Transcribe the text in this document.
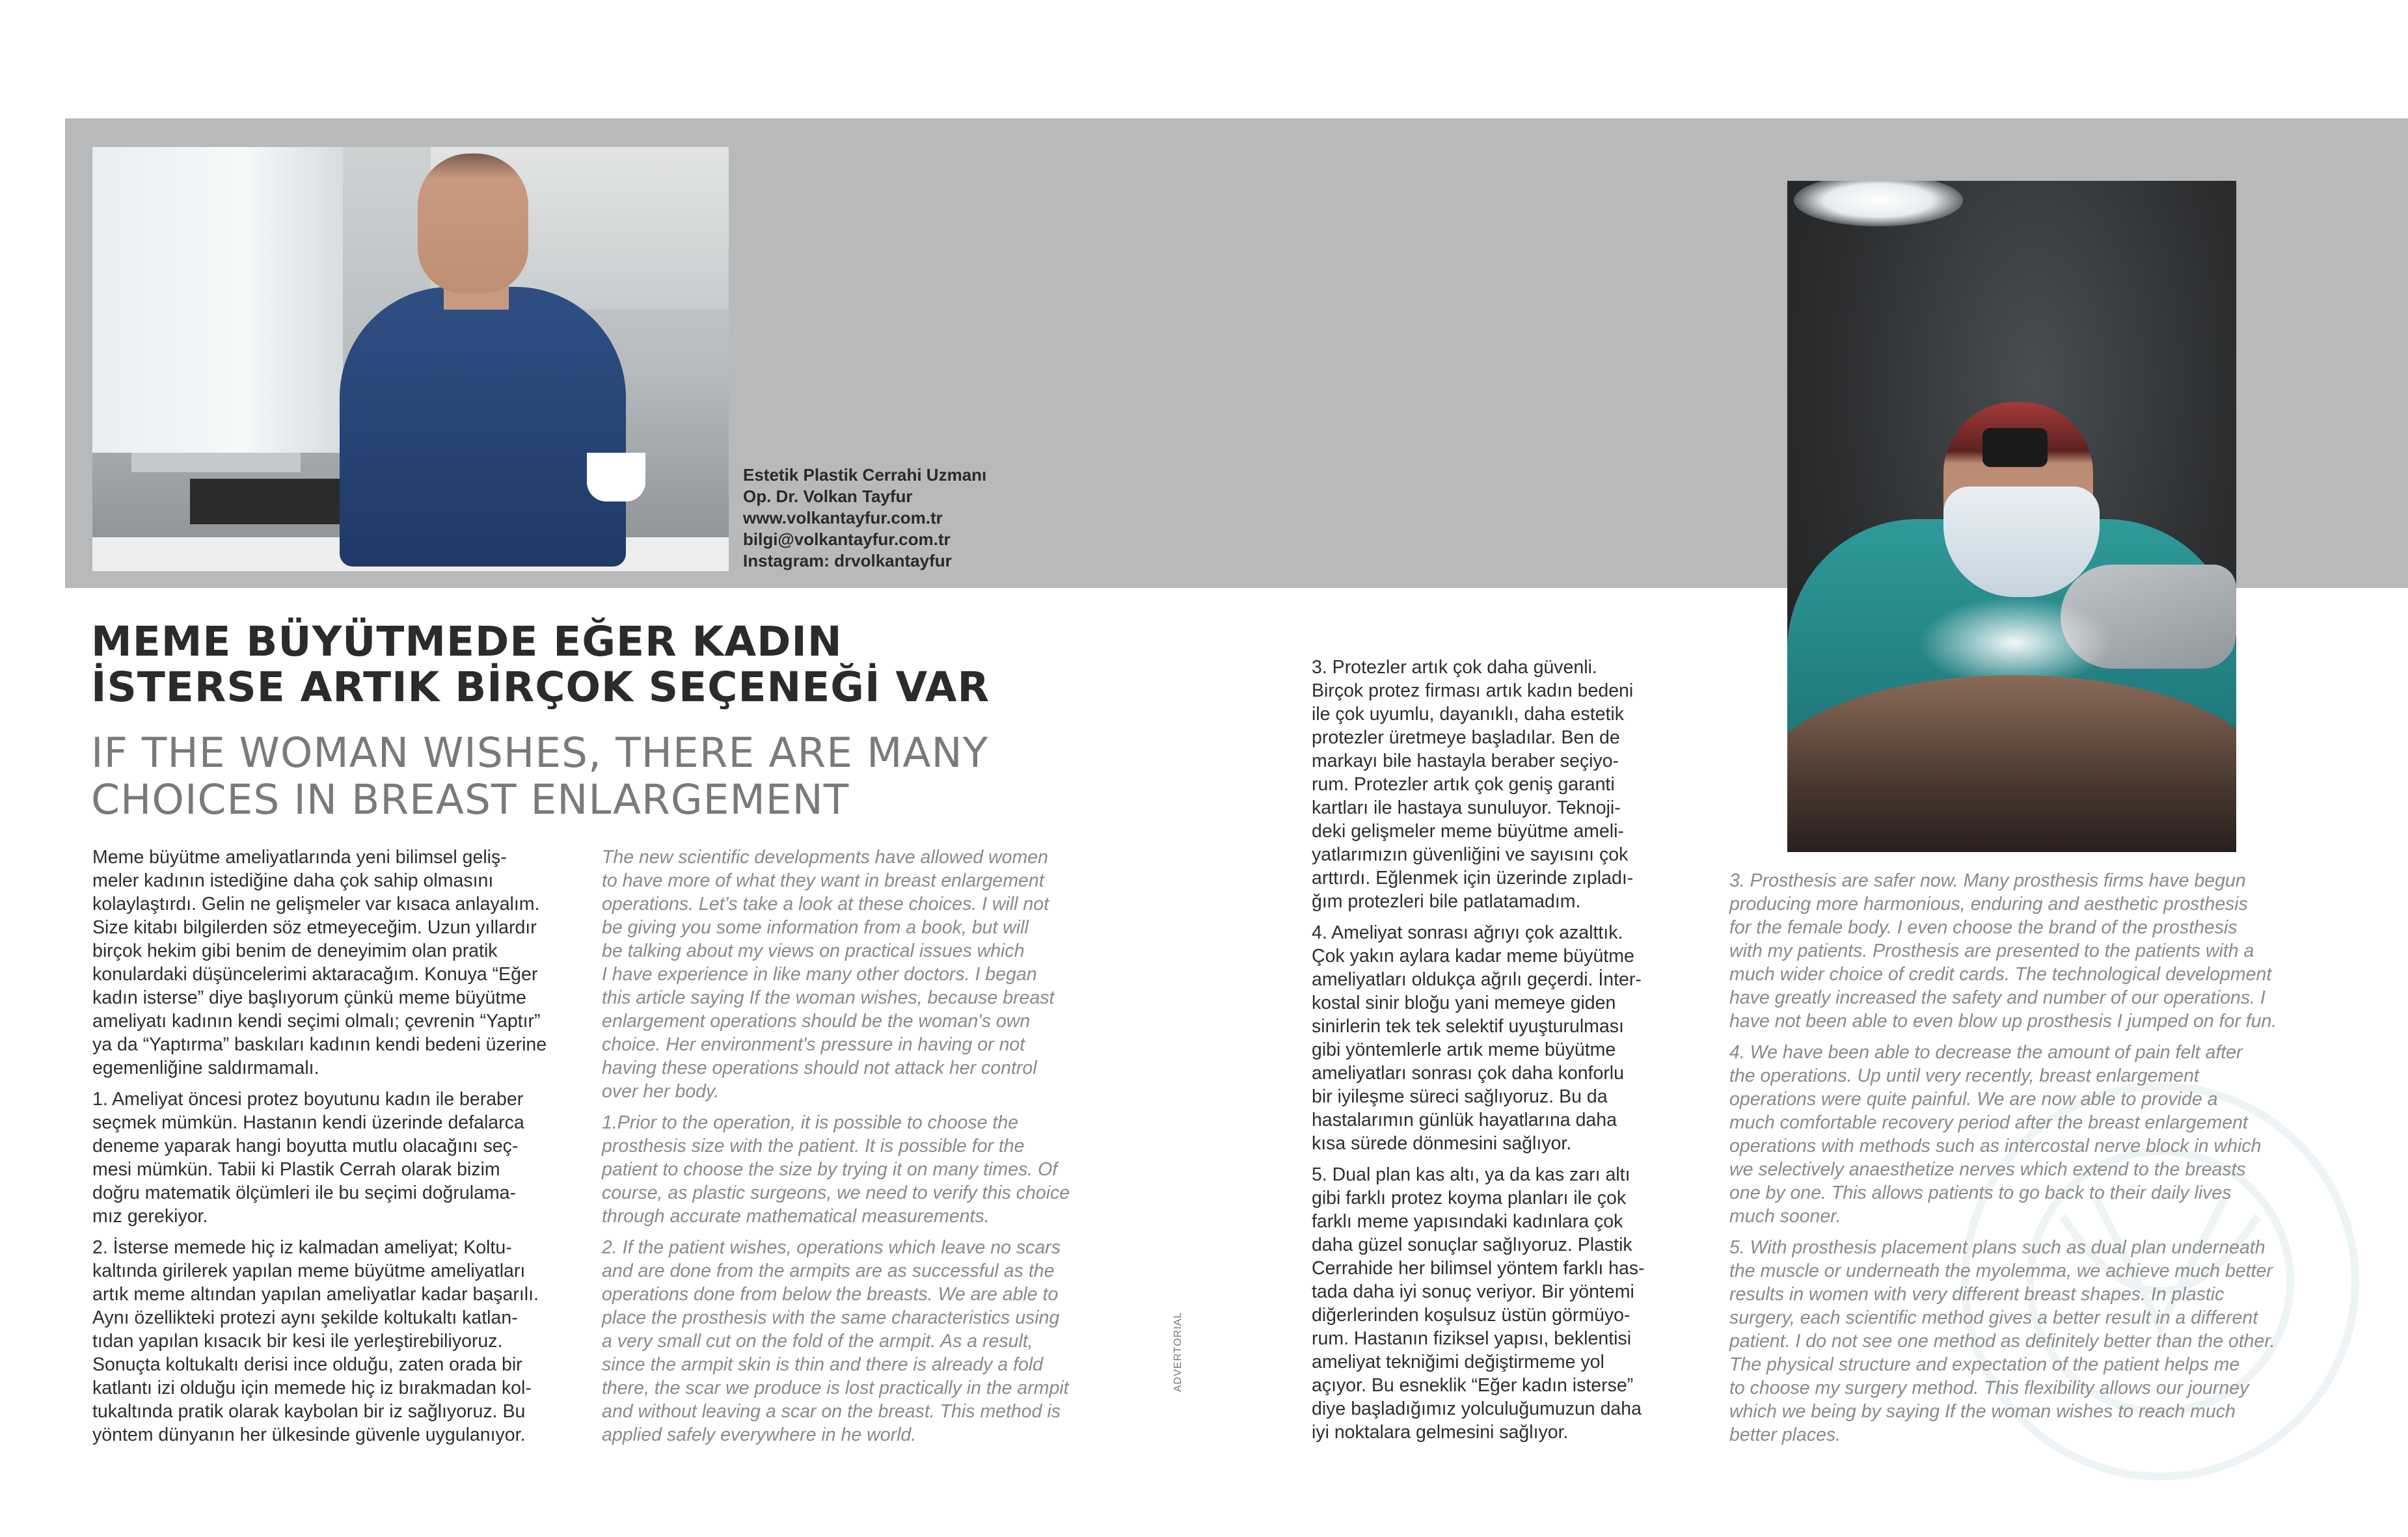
Estetik Plastik Cerrahi Uzmanı
Op. Dr. Volkan Tayfur
www.volkantayfur.com.tr
bilgi@volkantayfur.com.tr
Instagram: drvolkantayfur
MEME BÜYÜTMEDE EĞER KADIN
İSTERSE ARTIK BİRÇOK SEÇENEĞİ VAR
IF THE WOMAN WISHES, THERE ARE MANY
CHOICES IN BREAST ENLARGEMENT

Meme büyütme ameliyatlarında yeni bilimsel geliş-
meler kadının istediğine daha çok sahip olmasını
kolaylaştırdı. Gelin ne gelişmeler var kısaca anlayalım.
Size kitabı bilgilerden söz etmeyeceğim. Uzun yıllardır
birçok hekim gibi benim de deneyimim olan pratik
konulardaki düşüncelerimi aktaracağım. Konuya “Eğer
kadın isterse” diye başlıyorum çünkü meme büyütme
ameliyatı kadının kendi seçimi olmalı; çevrenin “Yaptır”
ya da “Yaptırma” baskıları kadının kendi bedeni üzerine
egemenliğine saldırmamalı.

1. Ameliyat öncesi protez boyutunu kadın ile beraber
seçmek mümkün. Hastanın kendi üzerinde defalarca
deneme yaparak hangi boyutta mutlu olacağını seç-
mesi mümkün. Tabii ki Plastik Cerrah olarak bizim
doğru matematik ölçümleri ile bu seçimi doğrulama-
mız gerekiyor.

2. İsterse memede hiç iz kalmadan ameliyat; Koltu-
kaltında girilerek yapılan meme büyütme ameliyatları
artık meme altından yapılan ameliyatlar kadar başarılı.
Aynı özellikteki protezi aynı şekilde koltukaltı katlan-
tıdan yapılan kısacık bir kesi ile yerleştirebiliyoruz.
Sonuçta koltukaltı derisi ince olduğu, zaten orada bir
katlantı izi olduğu için memede hiç iz bırakmadan kol-
tukaltında pratik olarak kaybolan bir iz sağlıyoruz. Bu
yöntem dünyanın her ülkesinde güvenle uygulanıyor.

The new scientific developments have allowed women
to have more of what they want in breast enlargement
operations. Let’s take a look at these choices. I will not
be giving you some information from a book, but will
be talking about my views on practical issues which
I have experience in like many other doctors. I began
this article saying If the woman wishes, because breast
enlargement operations should be the woman's own
choice. Her environment's pressure in having or not
having these operations should not attack her control
over her body.

1.Prior to the operation, it is possible to choose the
prosthesis size with the patient. It is possible for the
patient to choose the size by trying it on many times. Of
course, as plastic surgeons, we need to verify this choice
through accurate mathematical measurements.

2. If the patient wishes, operations which leave no scars
and are done from the armpits are as successful as the
operations done from below the breasts. We are able to
place the prosthesis with the same characteristics using
a very small cut on the fold of the armpit. As a result,
since the armpit skin is thin and there is already a fold
there, the scar we produce is lost practically in the armpit
and without leaving a scar on the breast. This method is
applied safely everywhere in he world.

ADVERTORIAL

3. Protezler artık çok daha güvenli.
Birçok protez firması artık kadın bedeni
ile çok uyumlu, dayanıklı, daha estetik
protezler üretmeye başladılar. Ben de
markayı bile hastayla beraber seçiyo-
rum. Protezler artık çok geniş garanti
kartları ile hastaya sunuluyor. Teknoji-
deki gelişmeler meme büyütme ameli-
yatlarımızın güvenliğini ve sayısını çok
arttırdı. Eğlenmek için üzerinde zıpladı-
ğım protezleri bile patlatamadım.

4. Ameliyat sonrası ağrıyı çok azalttık.
Çok yakın aylara kadar meme büyütme
ameliyatları oldukça ağrılı geçerdi. İnter-
kostal sinir bloğu yani memeye giden
sinirlerin tek tek selektif uyuşturulması
gibi yöntemlerle artık meme büyütme
ameliyatları sonrası çok daha konforlu
bir iyileşme süreci sağlıyoruz. Bu da
hastalarımın günlük hayatlarına daha
kısa sürede dönmesini sağlıyor.

5. Dual plan kas altı, ya da kas zarı altı
gibi farklı protez koyma planları ile çok
farklı meme yapısındaki kadınlara çok
daha güzel sonuçlar sağlıyoruz. Plastik
Cerrahide her bilimsel yöntem farklı has-
tada daha iyi sonuç veriyor. Bir yöntemi
diğerlerinden koşulsuz üstün görmüyo-
rum. Hastanın fiziksel yapısı, beklentisi
ameliyat tekniğimi değiştirmeme yol
açıyor. Bu esneklik “Eğer kadın isterse”
diye başladığımız yolculuğumuzun daha
iyi noktalara gelmesini sağlıyor.

3. Prosthesis are safer now. Many prosthesis firms have begun
producing more harmonious, enduring and aesthetic prosthesis
for the female body. I even choose the brand of the prosthesis
with my patients. Prosthesis are presented to the patients with a
much wider choice of credit cards. The technological development
have greatly increased the safety and number of our operations. I
have not been able to even blow up prosthesis I jumped on for fun.

4. We have been able to decrease the amount of pain felt after
the operations. Up until very recently, breast enlargement
operations were quite painful. We are now able to provide a
much comfortable recovery period after the breast enlargement
operations with methods such as intercostal nerve block in which
we selectively anaesthetize nerves which extend to the breasts
one by one. This allows patients to go back to their daily lives
much sooner.

5. With prosthesis placement plans such as dual plan underneath
the muscle or underneath the myolemma, we achieve much better
results in women with very different breast shapes. In plastic
surgery, each scientific method gives a better result in a different
patient. I do not see one method as definitely better than the other.
The physical structure and expectation of the patient helps me
to choose my surgery method. This flexibility allows our journey
which we being by saying If the woman wishes to reach much
better places.
